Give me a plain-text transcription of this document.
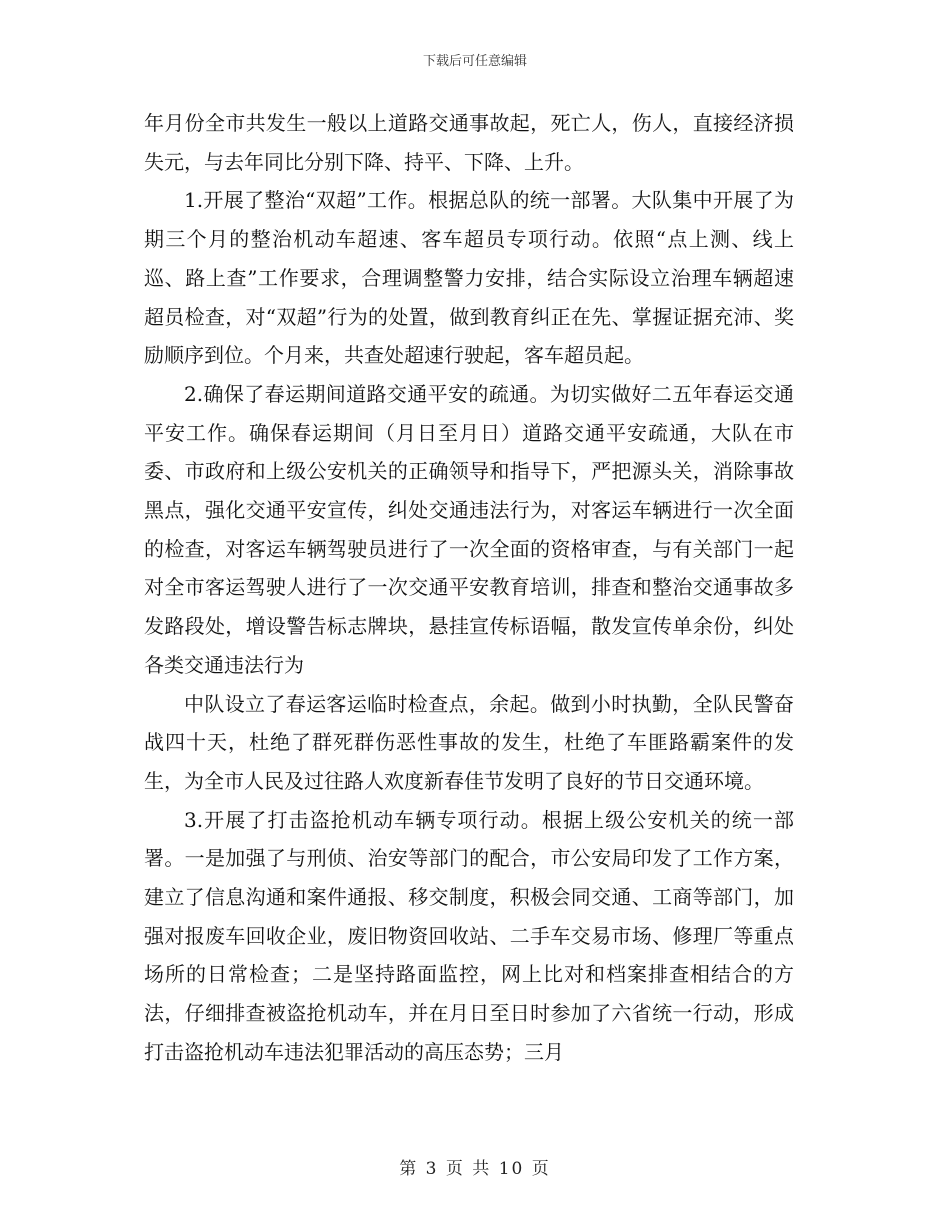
下载后可任意编辑

年月份全市共发生一般以上道路交通事故起，死亡人，伤人，直接经济损失元，与去年同比分别下降、持平、下降、上升。

1.开展了整治“双超”工作。根据总队的统一部署。大队集中开展了为期三个月的整治机动车超速、客车超员专项行动。依照“点上测、线上巡、路上查”工作要求，合理调整警力安排，结合实际设立治理车辆超速超员检查，对“双超”行为的处置，做到教育纠正在先、掌握证据充沛、奖励顺序到位。个月来，共查处超速行驶起，客车超员起。

2.确保了春运期间道路交通平安的疏通。为切实做好二五年春运交通平安工作。确保春运期间（月日至月日）道路交通平安疏通，大队在市委、市政府和上级公安机关的正确领导和指导下，严把源头关，消除事故黑点，强化交通平安宣传，纠处交通违法行为，对客运车辆进行一次全面的检查，对客运车辆驾驶员进行了一次全面的资格审查，与有关部门一起对全市客运驾驶人进行了一次交通平安教育培训，排查和整治交通事故多发路段处，增设警告标志牌块，悬挂宣传标语幅，散发宣传单余份，纠处各类交通违法行为

中队设立了春运客运临时检查点，余起。做到小时执勤，全队民警奋战四十天，杜绝了群死群伤恶性事故的发生，杜绝了车匪路霸案件的发生，为全市人民及过往路人欢度新春佳节发明了良好的节日交通环境。

3.开展了打击盗抢机动车辆专项行动。根据上级公安机关的统一部署。一是加强了与刑侦、治安等部门的配合，市公安局印发了工作方案，建立了信息沟通和案件通报、移交制度，积极会同交通、工商等部门，加强对报废车回收企业，废旧物资回收站、二手车交易市场、修理厂等重点场所的日常检查；二是坚持路面监控，网上比对和档案排查相结合的方法，仔细排查被盗抢机动车，并在月日至日时参加了六省统一行动，形成打击盗抢机动车违法犯罪活动的高压态势；三月

第 3 页 共 10 页
